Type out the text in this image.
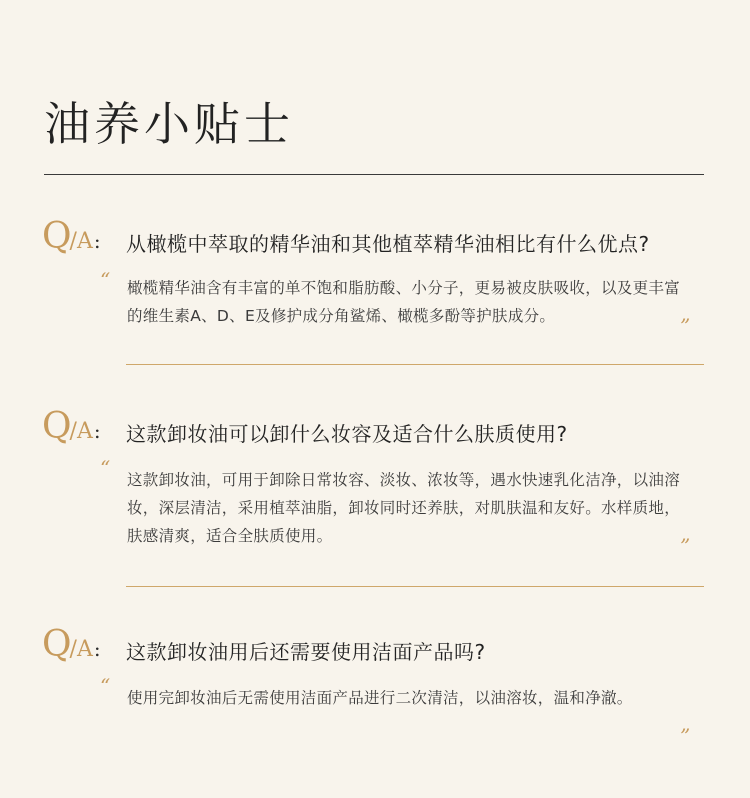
油养小贴士
Q/A: 从橄榄中萃取的精华油和其他植萃精华油相比有什么优点?
“ 橄榄精华油含有丰富的单不饱和脂肪酸、小分子，更易被皮肤吸收，以及更丰富的维生素A、D、E及修护成分角鲨烯、橄榄多酚等护肤成分。	”
Q/A: 这款卸妆油可以卸什么妆容及适合什么肤质使用?
“ 这款卸妆油，可用于卸除日常妆容、淡妆、浓妆等，遇水快速乳化洁净，以油溶妆，深层清洁，采用植萃油脂，卸妆同时还养肤，对肌肤温和友好。水样质地，肤感清爽，适合全肤质使用。	”
Q/A: 这款卸妆油用后还需要使用洁面产品吗?
“ 使用完卸妆油后无需使用洁面产品进行二次清洁，以油溶妆，温和净澈。
”
